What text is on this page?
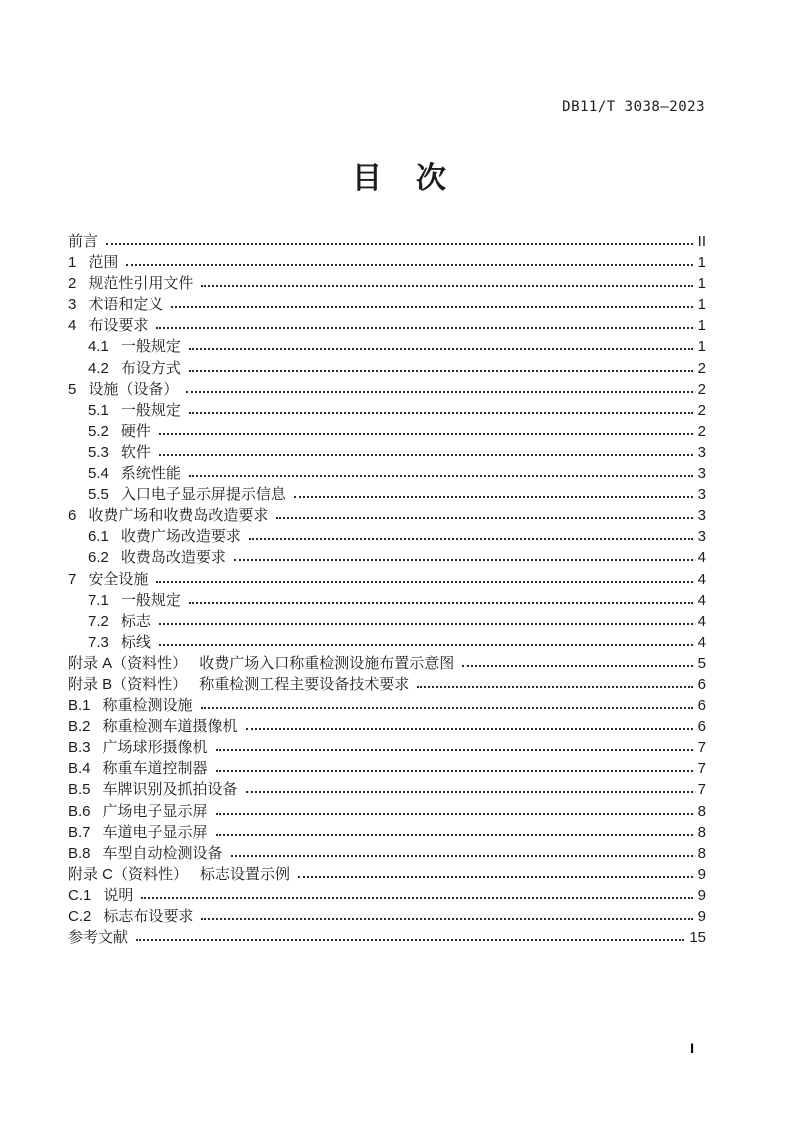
DB11/T 3038—2023
目　次
前言	II
1 范围	1
2 规范性引用文件	1
3 术语和定义	1
4 布设要求	1
4.1 一般规定	1
4.2 布设方式	2
5 设施（设备）	2
5.1 一般规定	2
5.2 硬件	2
5.3 软件	3
5.4 系统性能	3
5.5 入口电子显示屏提示信息	3
6 收费广场和收费岛改造要求	3
6.1 收费广场改造要求	3
6.2 收费岛改造要求	4
7 安全设施	4
7.1 一般规定	4
7.2 标志	4
7.3 标线	4
附录 A（资料性） 收费广场入口称重检测设施布置示意图	5
附录 B（资料性） 称重检测工程主要设备技术要求	6
B.1 称重检测设施	6
B.2 称重检测车道摄像机	6
B.3 广场球形摄像机	7
B.4 称重车道控制器	7
B.5 车牌识别及抓拍设备	7
B.6 广场电子显示屏	8
B.7 车道电子显示屏	8
B.8 车型自动检测设备	8
附录 C（资料性） 标志设置示例	9
C.1 说明	9
C.2 标志布设要求	9
参考文献	15
I
